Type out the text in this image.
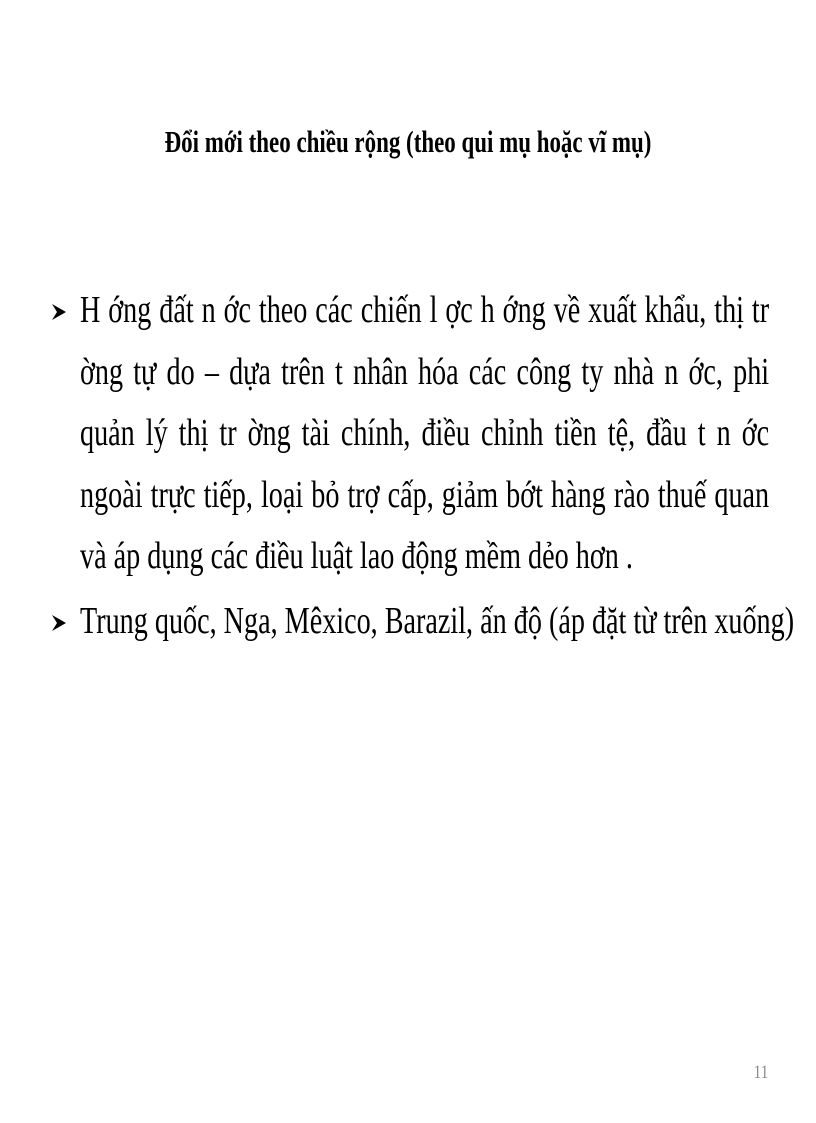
Đổi mới theo chiều rộng (theo qui mụ hoặc vĩ mụ)
H ớng đất n ớc theo các chiến l ợc h ớng về xuất khẩu, thị tr ờng tự do – dựa trên t nhân hóa các công ty nhà n ớc, phi quản lý thị tr ờng tài chính, điều chỉnh tiền tệ, đầu t n ớc ngoài trực tiếp, loại bỏ trợ cấp, giảm bớt hàng rào thuế quan và áp dụng các điều luật lao động mềm dẻo hơn .
Trung quốc, Nga, Mêxico, Barazil, ấn độ (áp đặt từ trên xuống)
11
